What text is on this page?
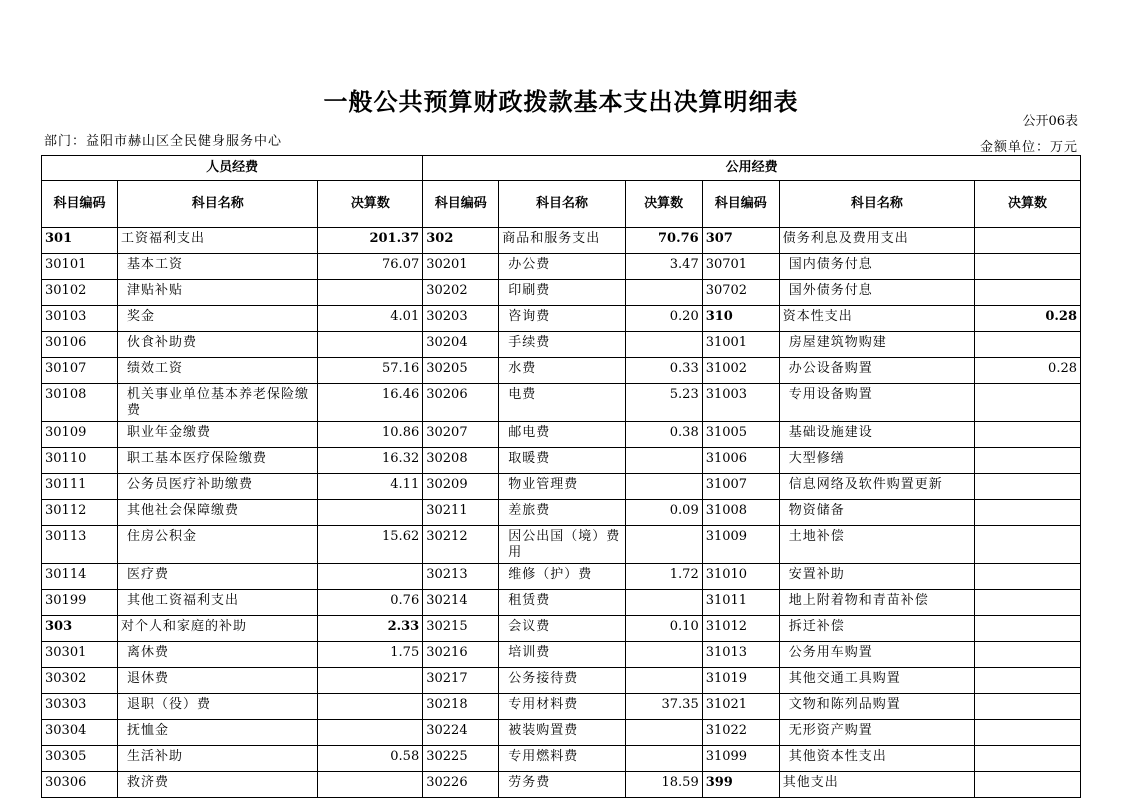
一般公共预算财政拨款基本支出决算明细表
公开06表
部门：益阳市赫山区全民健身服务中心	金额单位：万元
人员经费			公用经费					
科目编码	科目名称	决算数	科目编码	科目名称	决算数	科目编码	科目名称	决算数
301	工资福利支出	201.37	302	商品和服务支出	70.76	307	债务利息及费用支出	
30101	基本工资	76.07	30201	办公费	3.47	30701	国内债务付息	
30102	津贴补贴		30202	印刷费		30702	国外债务付息	
30103	奖金	4.01	30203	咨询费	0.20	310	资本性支出	0.28
30106	伙食补助费		30204	手续费		31001	房屋建筑物购建	
30107	绩效工资	57.16	30205	水费	0.33	31002	办公设备购置	0.28
30108	机关事业单位基本养老保险缴费	16.46	30206	电费	5.23	31003	专用设备购置	
30109	职业年金缴费	10.86	30207	邮电费	0.38	31005	基础设施建设	
30110	职工基本医疗保险缴费	16.32	30208	取暖费		31006	大型修缮	
30111	公务员医疗补助缴费	4.11	30209	物业管理费		31007	信息网络及软件购置更新	
30112	其他社会保障缴费		30211	差旅费	0.09	31008	物资储备	
30113	住房公积金	15.62	30212	因公出国（境）费用		31009	土地补偿	
30114	医疗费		30213	维修（护）费	1.72	31010	安置补助	
30199	其他工资福利支出	0.76	30214	租赁费		31011	地上附着物和青苗补偿	
303	对个人和家庭的补助	2.33	30215	会议费	0.10	31012	拆迁补偿	
30301	离休费	1.75	30216	培训费		31013	公务用车购置	
30302	退休费		30217	公务接待费		31019	其他交通工具购置	
30303	退职（役）费		30218	专用材料费	37.35	31021	文物和陈列品购置	
30304	抚恤金		30224	被装购置费		31022	无形资产购置	
30305	生活补助	0.58	30225	专用燃料费		31099	其他资本性支出	
30306	救济费		30226	劳务费	18.59	399	其他支出	
